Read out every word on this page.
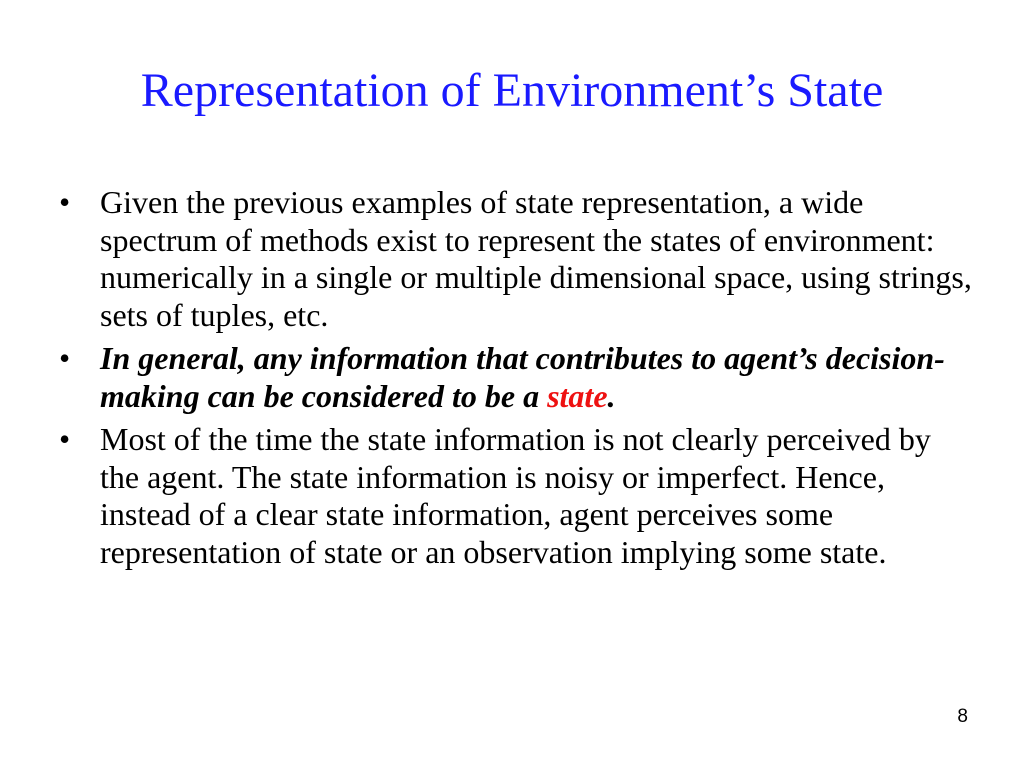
Representation of Environment’s State
• Given the previous examples of state representation, a wide spectrum of methods exist to represent the states of environment: numerically in a single or multiple dimensional space, using strings, sets of tuples, etc.
• In general, any information that contributes to agent’s decision-making can be considered to be a state.
• Most of the time the state information is not clearly perceived by the agent. The state information is noisy or imperfect. Hence, instead of a clear state information, agent perceives some representation of state or an observation implying some state.
8
